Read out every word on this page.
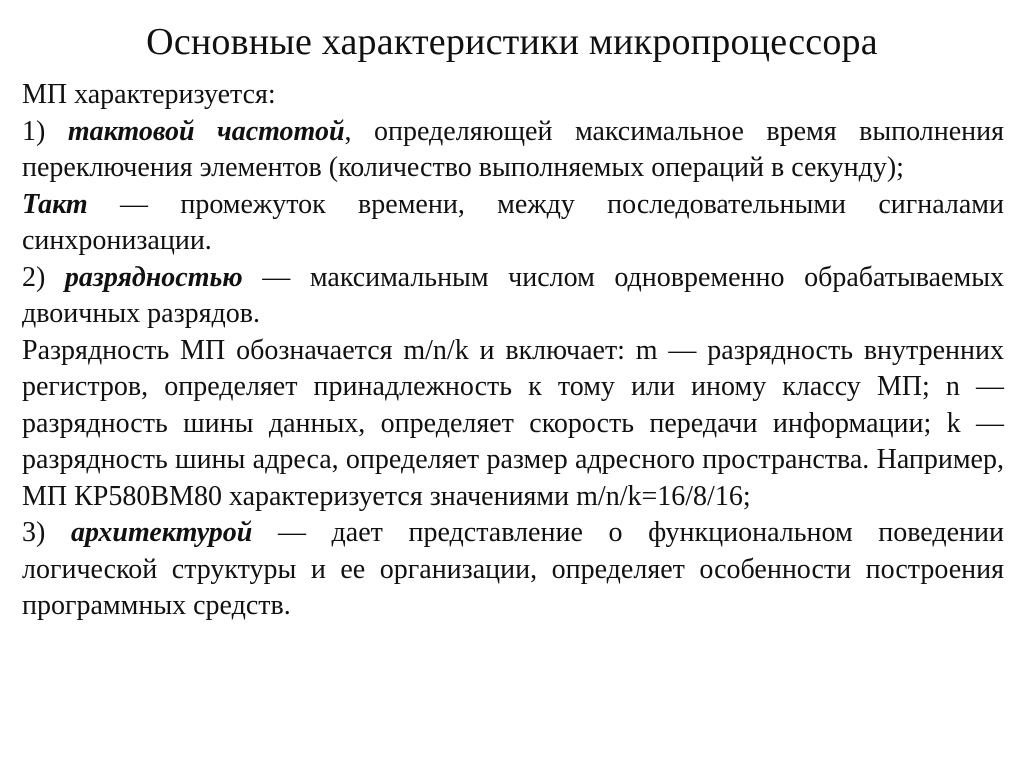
Основные характеристики микропроцессора

МП характеризуется:

1) тактовой частотой, определяющей максимальное время выполнения переключения элементов (количество выполняемых операций в секунду);

Такт — промежуток времени, между последовательными сигналами синхронизации.

2) разрядностью — максимальным числом одновременно обрабатываемых двоичных разрядов.

Разрядность МП обозначается m/n/k и включает: m — разрядность внутренних регистров, определяет принадлежность к тому или иному классу МП; n — разрядность шины данных, определяет скорость передачи информации; k — разрядность шины адреса, определяет размер адресного пространства. Например, МП КР580ВМ80 характеризуется значениями m/n/k=16/8/16;

3) архитектурой — дает представление о функциональном поведении логической структуры и ее организации, определяет особенности построения программных средств.
